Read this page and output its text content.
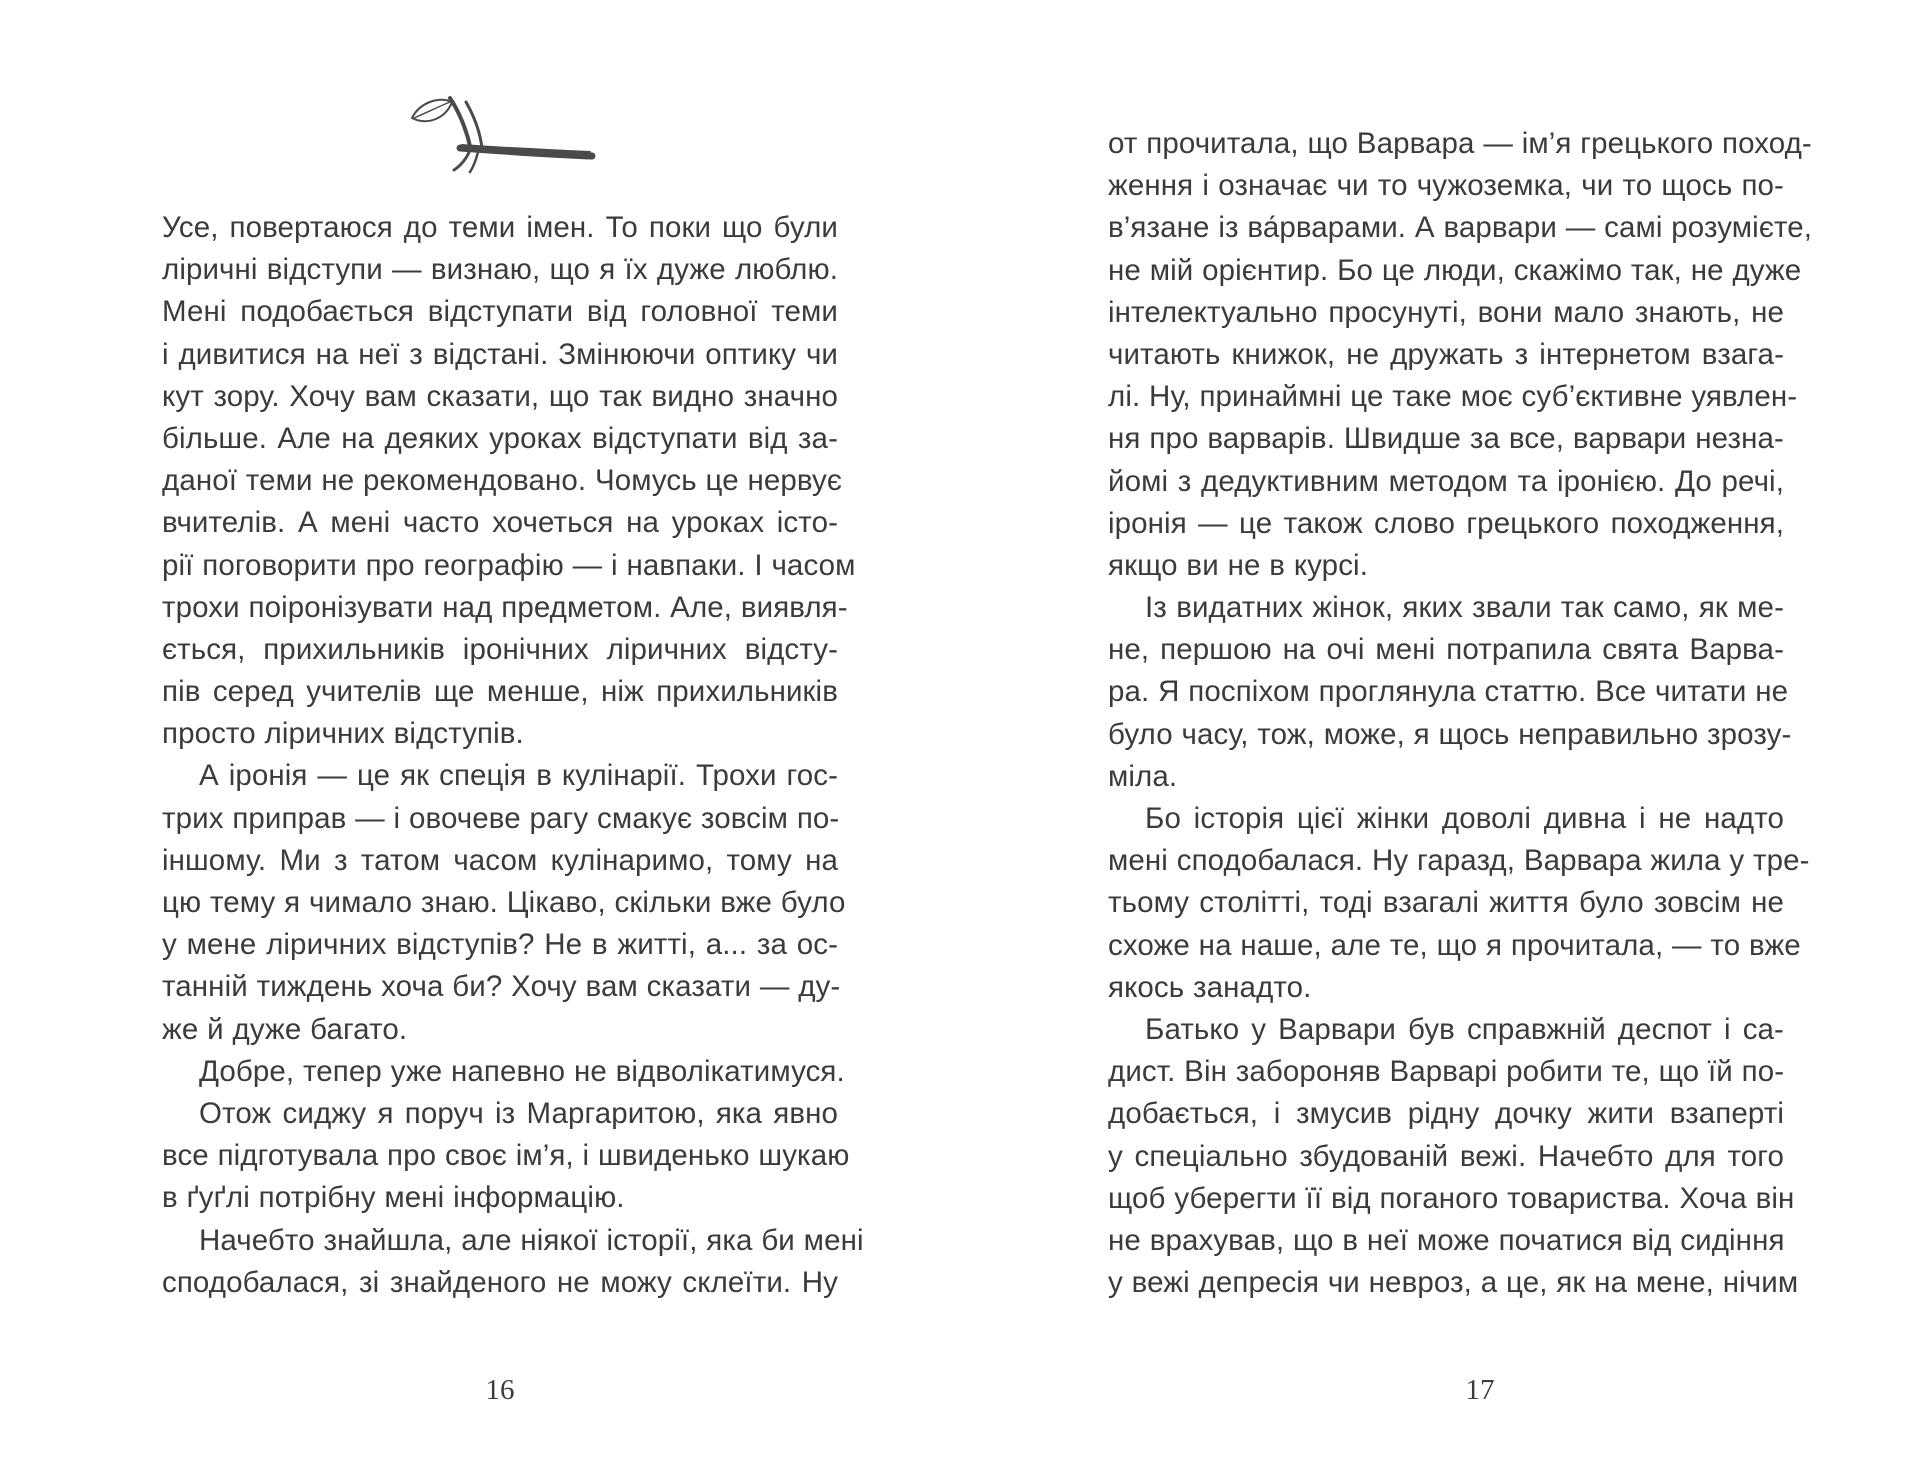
Усе, повертаюся до теми імен. То поки що були
ліричні відступи — визнаю, що я їх дуже люблю.
Мені подобається відступати від головної теми
і дивитися на неї з відстані. Змінюючи оптику чи
кут зору. Хочу вам сказати, що так видно значно
більше. Але на деяких уроках відступати від за-
даної теми не рекомендовано. Чомусь це нервує
вчителів. А мені часто хочеться на уроках істо-
рії поговорити про географію — і навпаки. І часом
трохи поіронізувати над предметом. Але, виявля-
ється, прихильників іронічних ліричних відсту-
пів серед учителів ще менше, ніж прихильників
просто ліричних відступів.
А іронія — це як спеція в кулінарії. Трохи гос-
трих приправ — і овочеве рагу смакує зовсім по-
іншому. Ми з татом часом кулінаримо, тому на
цю тему я чимало знаю. Цікаво, скільки вже було
у мене ліричних відступів? Не в житті, а... за ос-
танній тиждень хоча би? Хочу вам сказати — ду-
же й дуже багато.
Добре, тепер уже напевно не відволікатимуся.
Отож сиджу я поруч із Маргаритою, яка явно
все підготувала про своє ім’я, і швиденько шукаю
в ґуґлі потрібну мені інформацію.
Начебто знайшла, але ніякої історії, яка би мені
сподобалася, зі знайденого не можу склеїти. Ну
16
от прочитала, що Варвара — ім’я грецького поход-
ження і означає чи то чужоземка, чи то щось по-
в’язане із ва́рварами. А варвари — самі розумієте,
не мій орієнтир. Бо це люди, скажімо так, не дуже
інтелектуально просунуті, вони мало знають, не
читають книжок, не дружать з інтернетом взага-
лі. Ну, принаймні це таке моє суб’єктивне уявлен-
ня про варварів. Швидше за все, варвари незна-
йомі з дедуктивним методом та іронією. До речі,
іронія — це також слово грецького походження,
якщо ви не в курсі.
Із видатних жінок, яких звали так само, як ме-
не, першою на очі мені потрапила свята Варва-
ра. Я поспіхом проглянула статтю. Все читати не
було часу, тож, може, я щось неправильно зрозу-
міла.
Бо історія цієї жінки доволі дивна і не надто
мені сподобалася. Ну гаразд, Варвара жила у тре-
тьому столітті, тоді взагалі життя було зовсім не
схоже на наше, але те, що я прочитала, — то вже
якось занадто.
Батько у Варвари був справжній деспот і са-
дист. Він забороняв Варварі робити те, що їй по-
добається, і змусив рідну дочку жити взаперті
у спеціально збудованій вежі. Начебто для того
щоб уберегти її від поганого товариства. Хоча він
не врахував, що в неї може початися від сидіння
у вежі депресія чи невроз, а це, як на мене, нічим
17
